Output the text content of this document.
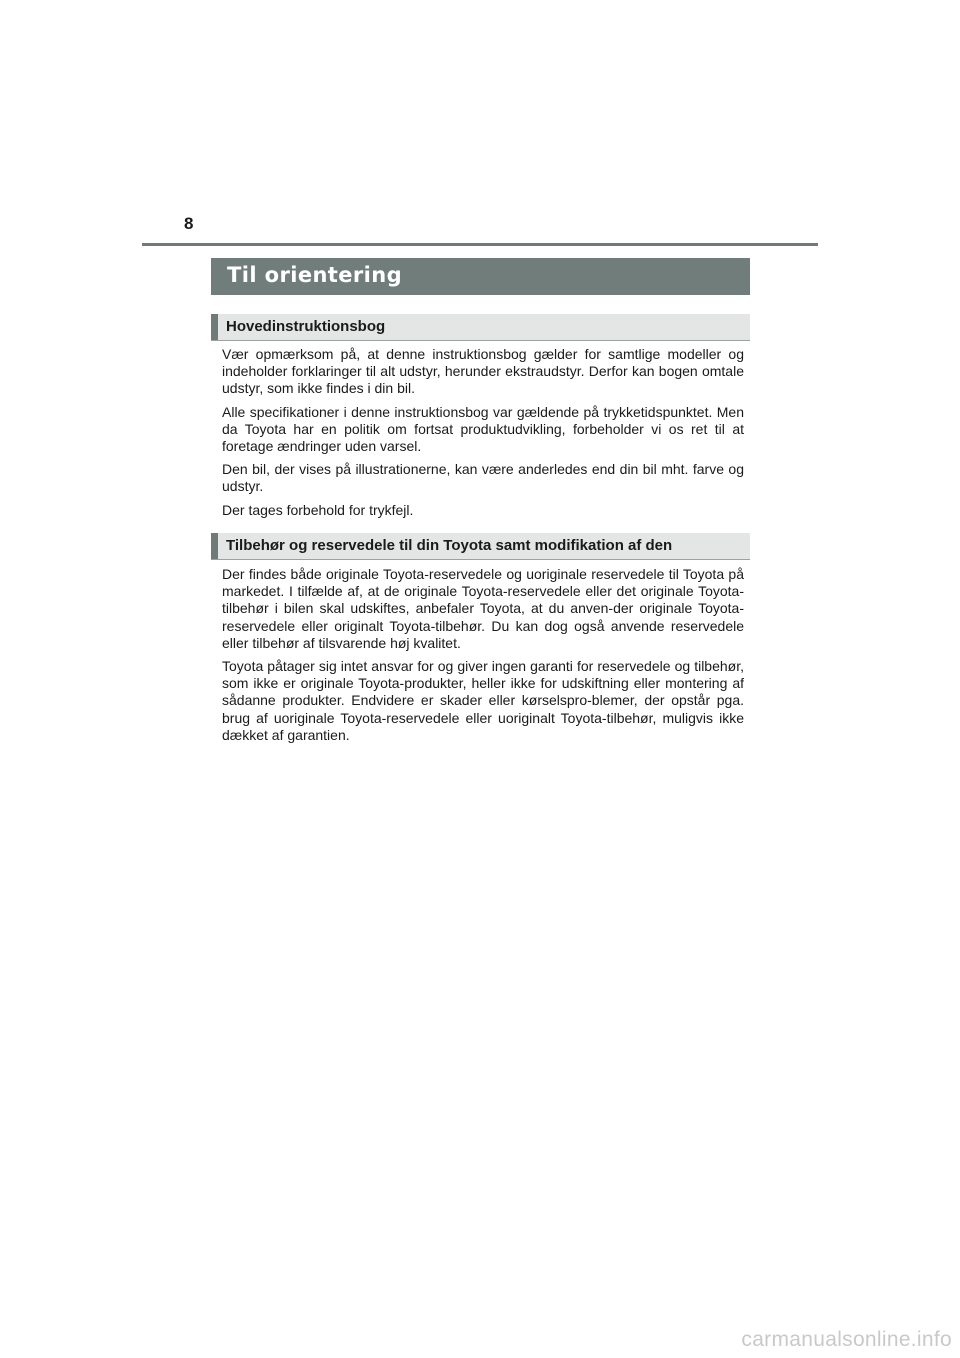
8
Til orientering
Hovedinstruktionsbog

Vær opmærksom på, at denne instruktionsbog gælder for samtlige modeller og indeholder forklaringer til alt udstyr, herunder ekstraudstyr. Derfor kan bogen omtale udstyr, som ikke findes i din bil.

Alle specifikationer i denne instruktionsbog var gældende på trykketidspunktet. Men da Toyota har en politik om fortsat produktudvikling, forbeholder vi os ret til at foretage ændringer uden varsel.

Den bil, der vises på illustrationerne, kan være anderledes end din bil mht. farve og udstyr.

Der tages forbehold for trykfejl.

Tilbehør og reservedele til din Toyota samt modifikation af den

Der findes både originale Toyota-reservedele og uoriginale reservedele til Toyota på markedet. I tilfælde af, at de originale Toyota-reservedele eller det originale Toyota-tilbehør i bilen skal udskiftes, anbefaler Toyota, at du anven-der originale Toyota-reservedele eller originalt Toyota-tilbehør. Du kan dog også anvende reservedele eller tilbehør af tilsvarende høj kvalitet.

Toyota påtager sig intet ansvar for og giver ingen garanti for reservedele og tilbehør, som ikke er originale Toyota-produkter, heller ikke for udskiftning eller montering af sådanne produkter. Endvidere er skader eller kørselspro-blemer, der opstår pga. brug af uoriginale Toyota-reservedele eller uoriginalt Toyota-tilbehør, muligvis ikke dækket af garantien.

carmanualsonline.info
